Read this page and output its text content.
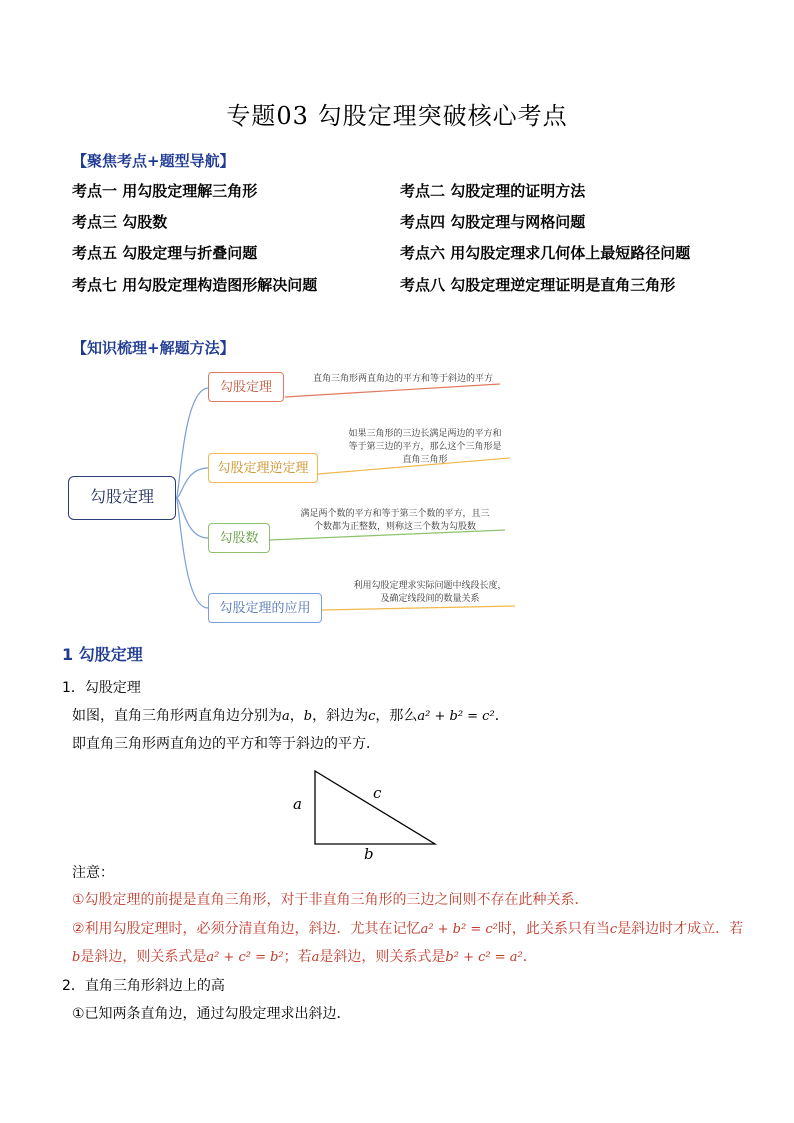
专题03 勾股定理突破核心考点
【聚焦考点+题型导航】
考点一 用勾股定理解三角形	考点二 勾股定理的证明方法
考点三 勾股数	考点四 勾股定理与网格问题
考点五 勾股定理与折叠问题	考点六 用勾股定理求几何体上最短路径问题
考点七 用勾股定理构造图形解决问题	考点八 勾股定理逆定理证明是直角三角形
【知识梳理+解题方法】
勾股定理
勾股定理
直角三角形两直角边的平方和等于斜边的平方
勾股定理逆定理
如果三角形的三边长满足两边的平方和
等于第三边的平方，那么这个三角形是
直角三角形
勾股数
满足两个数的平方和等于第三个数的平方，且三
个数都为正整数，则称这三个数为勾股数
勾股定理的应用
利用勾股定理求实际问题中线段长度，
及确定线段间的数量关系
1 勾股定理
1．勾股定理
如图，直角三角形两直角边分别为a，b，斜边为c，那么a² + b² = c²．
即直角三角形两直角边的平方和等于斜边的平方．
a
c
b
注意：
①勾股定理的前提是直角三角形，对于非直角三角形的三边之间则不存在此种关系．
②利用勾股定理时，必须分清直角边，斜边．尤其在记忆a² + b² = c²时，此关系只有当c是斜边时才成立．若
b是斜边，则关系式是a² + c² = b²；若a是斜边，则关系式是b² + c² = a²．
2．直角三角形斜边上的高
①已知两条直角边，通过勾股定理求出斜边．
